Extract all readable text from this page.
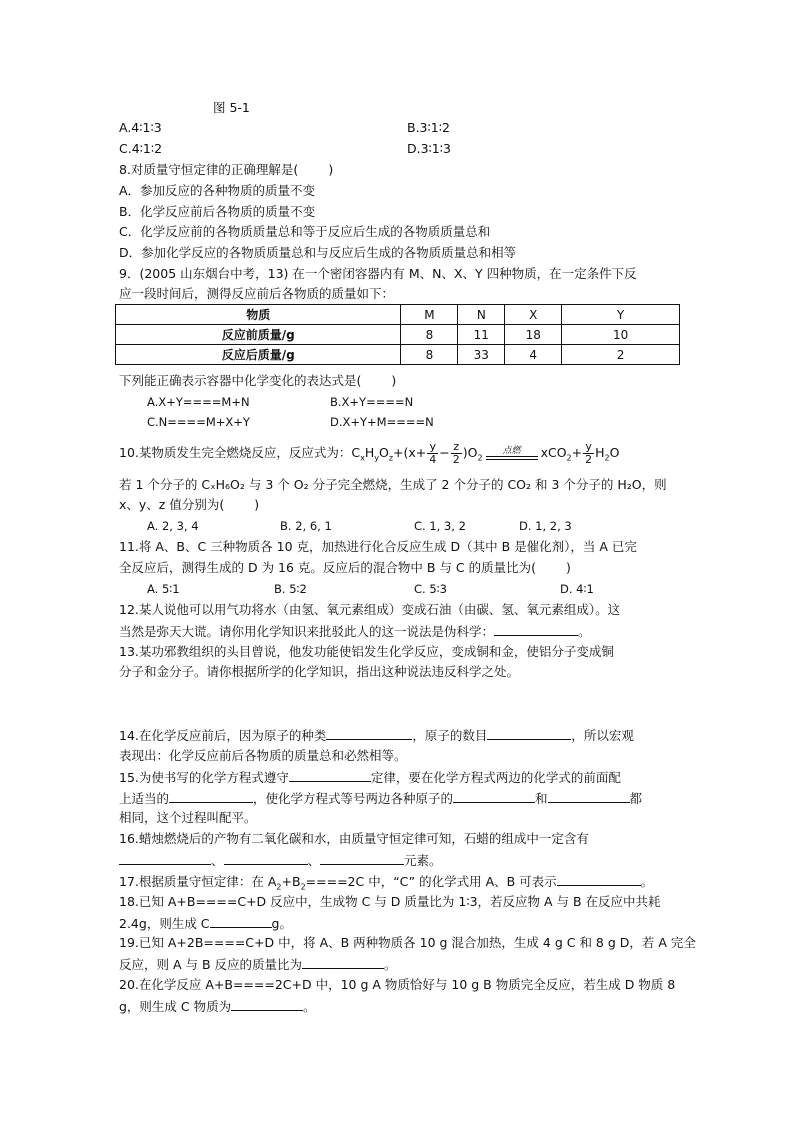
图 5-1
A.4∶1∶3	B.3∶1∶2
C.4∶1∶2	D.3∶1∶3
8.对质量守恒定律的正确理解是( )
A．参加反应的各种物质的质量不变
B．化学反应前后各物质的质量不变
C．化学反应前的各物质质量总和等于反应后生成的各物质质量总和
D．参加化学反应的各物质质量总和与反应后生成的各物质质量总和相等
9．(2005 山东烟台中考，13) 在一个密闭容器内有 M、N、X、Y 四种物质，在一定条件下反
应一段时间后，测得反应前后各物质的质量如下：
物质	M	N	X	Y
反应前质量/g	8	11	18	10
反应后质量/g	8	33	4	2
下列能正确表示容器中化学变化的表达式是( )
A.X+Y====M+N	B.X+Y====N
C.N====M+X+Y	D.X+Y+M====N
10.某物质发生完全燃烧反应，反应式为：$C_xH_yO_z+(x+ \frac{y}{4} - \frac{z}{2} )O_2$
点燃	$xCO_2+ \frac{y}{2} H_2O$
若 1 个分子的 CₓH₆O₂ 与 3 个 O₂ 分子完全燃烧，生成了 2 个分子的 CO₂ 和 3 个分子的 H₂O，则
x、y、z 值分别为( )
A. 2, 3, 4	B. 2, 6, 1	C. 1, 3, 2	D. 1, 2, 3
11.将 A、B、C 三种物质各 10 克，加热进行化合反应生成 D（其中 B 是催化剂），当 A 已完
全反应后，测得生成的 D 为 16 克。反应后的混合物中 B 与 C 的质量比为( )
A. 5∶1	B. 5∶2	C. 5∶3	D. 4∶1
12.某人说他可以用气功将水（由氢、氧元素组成）变成石油（由碳、氢、氧元素组成）。这
当然是弥天大谎。请你用化学知识来批驳此人的这一说法是伪科学：	。
13.某功邪教组织的头目曾说，他发功能使铝发生化学反应，变成铜和金，使铝分子变成铜
分子和金分子。请你根据所学的化学知识，指出这种说法违反科学之处。
14.在化学反应前后，因为原子的种类	，原子的数目	，所以宏观
表现出：化学反应前后各物质的质量总和必然相等。
15.为使书写的化学方程式遵守	定律，要在化学方程式两边的化学式的前面配
上适当的	，使化学方程式等号两边各种原子的	和	都
相同，这个过程叫配平。
16.蜡烛燃烧后的产物有二氧化碳和水，由质量守恒定律可知，石蜡的组成中一定含有
、	、	元素。
17.根据质量守恒定律：在 $A_2+B_2====2C$ 中，“C” 的化学式用 A、B 可表示	。
18.已知 A+B====C+D 反应中，生成物 C 与 D 质量比为 1∶3，若反应物 A 与 B 在反应中共耗
2.4g，则生成 C	g。
19.已知 A+2B====C+D 中，将 A、B 两种物质各 10 g 混合加热，生成 4 g C 和 8 g D，若 A 完全
反应，则 A 与 B 反应的质量比为	。
20.在化学反应 A+B====2C+D 中，10 g A 物质恰好与 10 g B 物质完全反应，若生成 D 物质 8
g，则生成 C 物质为	。
